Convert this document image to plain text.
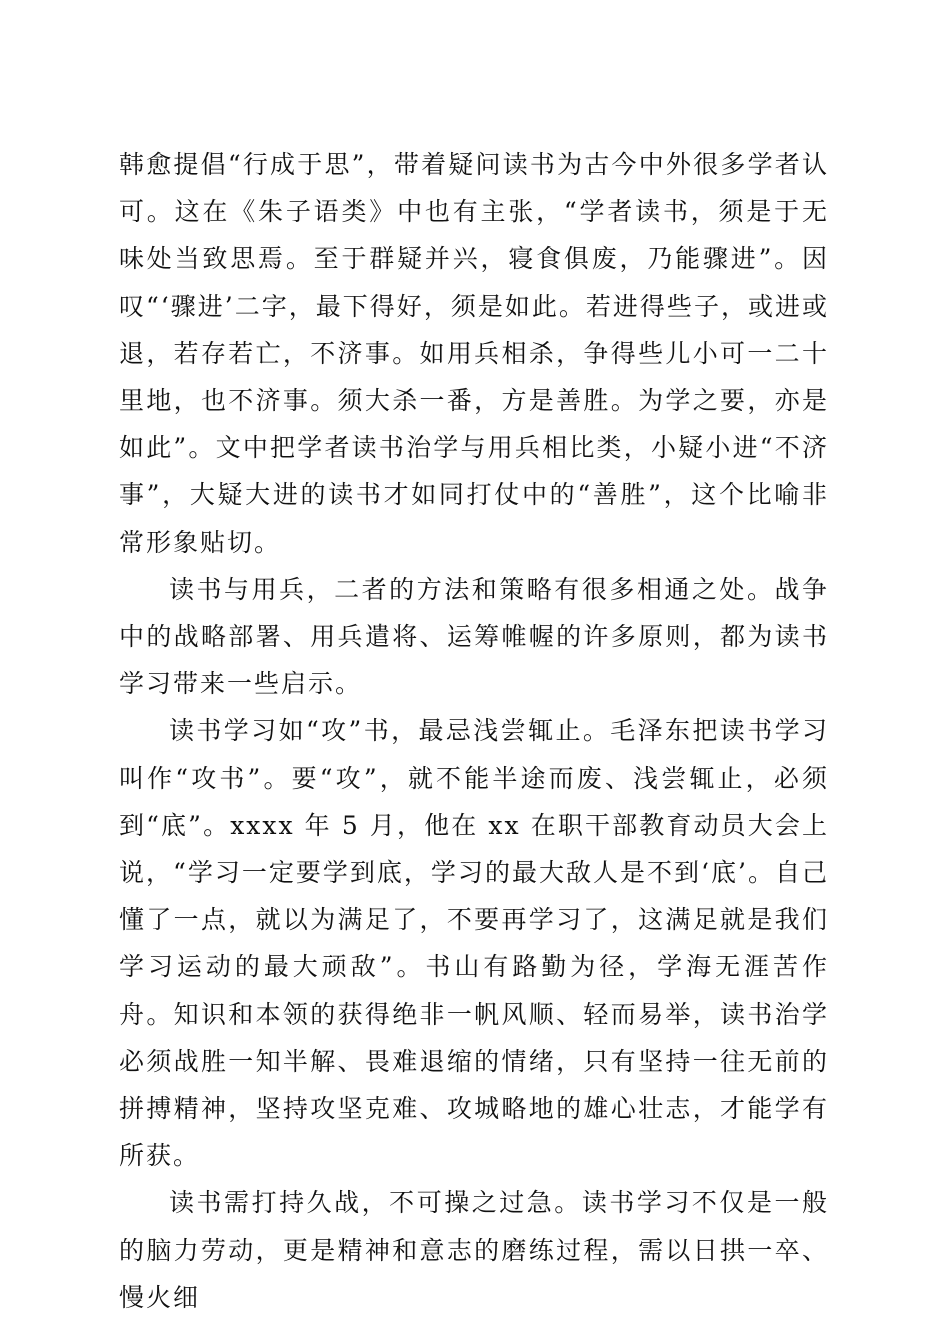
韩愈提倡“行成于思”，带着疑问读书为古今中外很多学者认可。这在《朱子语类》中也有主张，“学者读书，须是于无味处当致思焉。至于群疑并兴，寝食俱废，乃能骤进”。因叹“‘骤进’二字，最下得好，须是如此。若进得些子，或进或退，若存若亡，不济事。如用兵相杀，争得些儿小可一二十里地，也不济事。须大杀一番，方是善胜。为学之要，亦是如此”。文中把学者读书治学与用兵相比类，小疑小进“不济事”，大疑大进的读书才如同打仗中的“善胜”，这个比喻非常形象贴切。

读书与用兵，二者的方法和策略有很多相通之处。战争中的战略部署、用兵遣将、运筹帷幄的许多原则，都为读书学习带来一些启示。

读书学习如“攻”书，最忌浅尝辄止。毛泽东把读书学习叫作“攻书”。要“攻”，就不能半途而废、浅尝辄止，必须到“底”。xxxx 年 5 月，他在 xx 在职干部教育动员大会上说，“学习一定要学到底，学习的最大敌人是不到‘底’。自己懂了一点，就以为满足了，不要再学习了，这满足就是我们学习运动的最大顽敌”。书山有路勤为径，学海无涯苦作舟。知识和本领的获得绝非一帆风顺、轻而易举，读书治学必须战胜一知半解、畏难退缩的情绪，只有坚持一往无前的拼搏精神，坚持攻坚克难、攻城略地的雄心壮志，才能学有所获。

读书需打持久战，不可操之过急。读书学习不仅是一般的脑力劳动，更是精神和意志的磨练过程，需以日拱一卒、慢火细
